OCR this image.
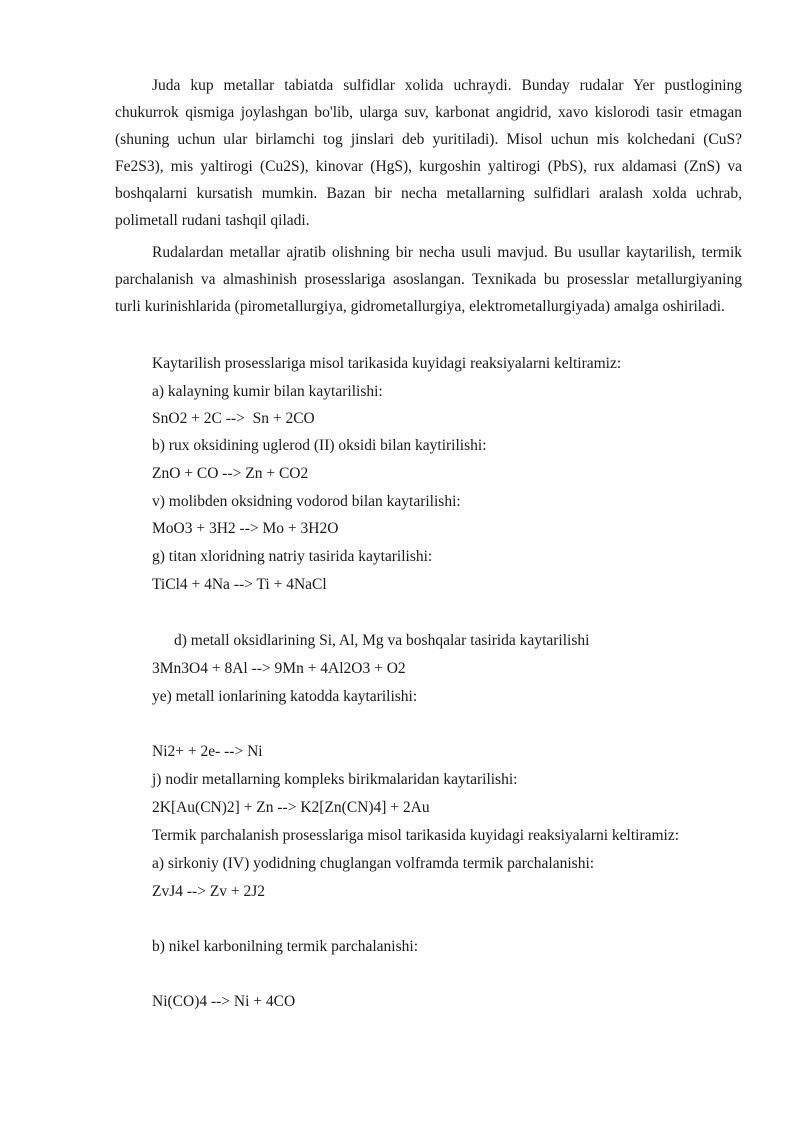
Juda kup metallar tabiatda sulfidlar xolida uchraydi. Bunday rudalar Yer pustlogining chukurrok qismiga joylashgan bo'lib, ularga suv, karbonat angidrid, xavo kislorodi tasir etmagan (shuning uchun ular birlamchi tog jinslari deb yuritiladi). Misol uchun mis kolchedani (CuS? Fe2S3), mis yaltirogi (Cu2S), kinovar (HgS), kurgoshin yaltirogi (PbS), rux aldamasi (ZnS) va boshqalarni kursatish mumkin. Bazan bir necha metallarning sulfidlari aralash xolda uchrab, polimetall rudani tashqil qiladi.

Rudalardan metallar ajratib olishning bir necha usuli mavjud. Bu usullar kaytarilish, termik parchalanish va almashinish prosesslariga asoslangan. Texnikada bu prosesslar metallurgiyaning turli kurinishlarida (pirometallurgiya, gidrometallurgiya, elektrometallurgiyada) amalga oshiriladi.

Kaytarilish prosesslariga misol tarikasida kuyidagi reaksiyalarni keltiramiz:

a) kalayning kumir bilan kaytarilishi:

SnO2 + 2C -->  Sn + 2CO

b) rux oksidining uglerod (II) oksidi bilan kaytirilishi:

ZnO + CO --> Zn + CO2

v) molibden oksidning vodorod bilan kaytarilishi:

MoO3 + 3H2 --> Mo + 3H2O

g) titan xloridning natriy tasirida kaytarilishi:

TiCl4 + 4Na --> Ti + 4NaCl

d) metall oksidlarining Si, Al, Mg va boshqalar tasirida kaytarilishi

3Mn3O4 + 8Al --> 9Mn + 4Al2O3 + O2

ye) metall ionlarining katodda kaytarilishi:

Ni2+ + 2e- --> Ni

j) nodir metallarning kompleks birikmalaridan kaytarilishi:

2K[Au(CN)2] + Zn --> K2[Zn(CN)4] + 2Au

Termik parchalanish prosesslariga misol tarikasida kuyidagi reaksiyalarni keltiramiz:

a) sirkoniy (IV) yodidning chuglangan volframda termik parchalanishi:

ZvJ4 --> Zv + 2J2

b) nikel karbonilning termik parchalanishi:

Ni(CO)4 --> Ni + 4CO
